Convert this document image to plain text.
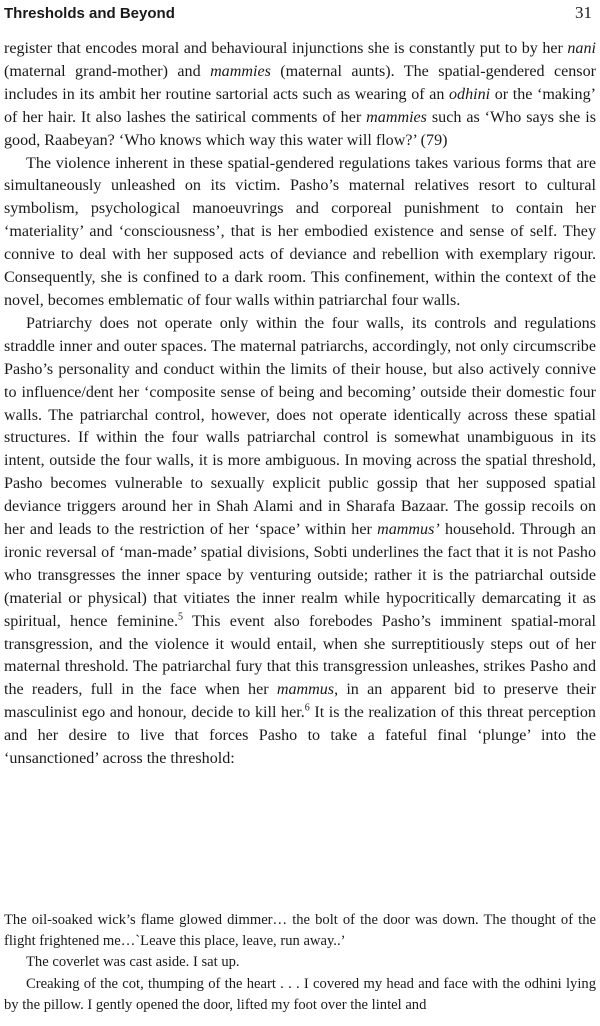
Thresholds and Beyond	31

register that encodes moral and behavioural injunctions she is constantly put to by her nani (maternal grand-mother) and mammies (maternal aunts). The spatial-gendered censor includes in its ambit her routine sartorial acts such as wearing of an odhini or the ‘making’ of her hair. It also lashes the satirical comments of her mammies such as ‘Who says she is good, Raabeyan? ‘Who knows which way this water will flow?’ (79)

The violence inherent in these spatial-gendered regulations takes various forms that are simultaneously unleashed on its victim. Pasho’s maternal relatives resort to cultural symbolism, psychological manoeuvrings and corporeal punishment to contain her ‘materiality’ and ‘consciousness’, that is her embodied existence and sense of self. They connive to deal with her supposed acts of deviance and rebellion with exemplary rigour. Consequently, she is confined to a dark room. This confinement, within the context of the novel, becomes emblematic of four walls within patriarchal four walls.

Patriarchy does not operate only within the four walls, its controls and regulations straddle inner and outer spaces. The maternal patriarchs, accordingly, not only circumscribe Pasho’s personality and conduct within the limits of their house, but also actively connive to influence/dent her ‘composite sense of being and becoming’ outside their domestic four walls. The patriarchal control, however, does not operate identically across these spatial structures. If within the four walls patriarchal control is somewhat unambiguous in its intent, outside the four walls, it is more ambiguous. In moving across the spatial threshold, Pasho becomes vulnerable to sexually explicit public gossip that her supposed spatial deviance triggers around her in Shah Alami and in Sharafa Bazaar. The gossip recoils on her and leads to the restriction of her ‘space’ within her mammus’ household. Through an ironic reversal of ‘man-made’ spatial divisions, Sobti underlines the fact that it is not Pasho who transgresses the inner space by venturing outside; rather it is the patriarchal outside (material or physical) that vitiates the inner realm while hypocritically demarcating it as spiritual, hence feminine.$^5$ This event also forebodes Pasho’s imminent spatial-moral transgression, and the violence it would entail, when she surreptitiously steps out of her maternal threshold. The patriarchal fury that this transgression unleashes, strikes Pasho and the readers, full in the face when her mammus, in an apparent bid to preserve their masculinist ego and honour, decide to kill her.$^6$ It is the realization of this threat perception and her desire to live that forces Pasho to take a fateful final ‘plunge’ into the ‘unsanctioned’ across the threshold:

The oil-soaked wick’s flame glowed dimmer… the bolt of the door was down. The thought of the flight frightened me…`Leave this place, leave, run away..’

The coverlet was cast aside. I sat up.

Creaking of the cot, thumping of the heart . . . I covered my head and face with the odhini lying by the pillow. I gently opened the door, lifted my foot over the lintel and
